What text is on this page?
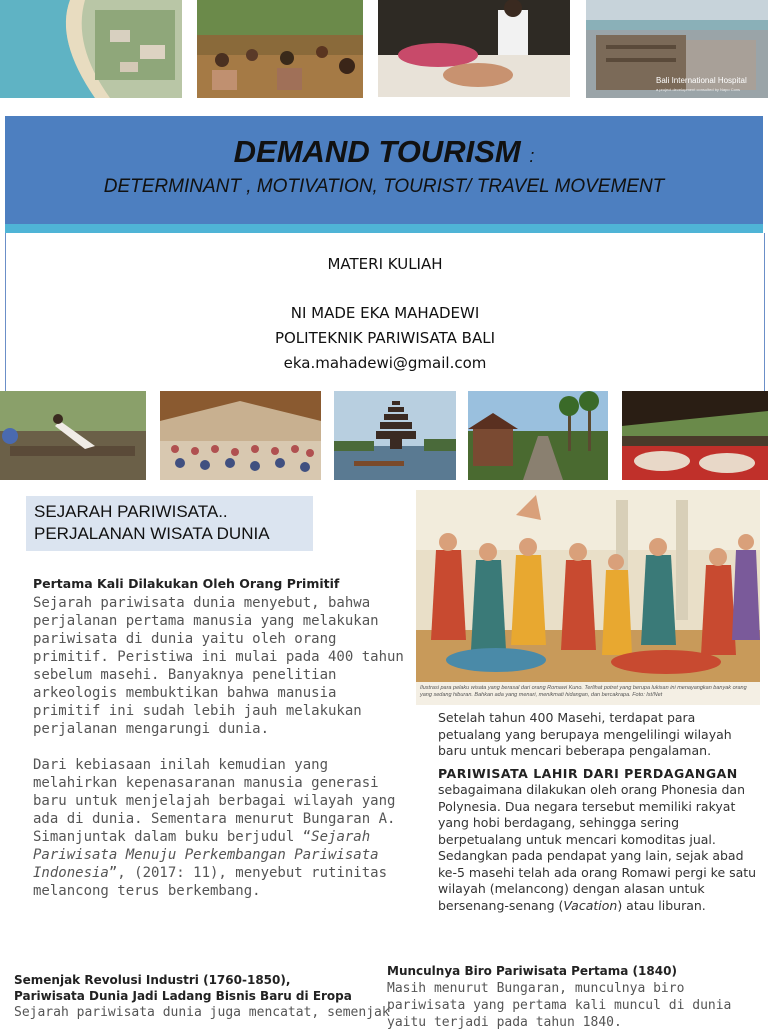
Bali International Hospital
a project development consulted by Napo Cons
DEMAND TOURISM :
DETERMINANT , MOTIVATION, TOURIST/ TRAVEL MOVEMENT
MATERI KULIAH
NI MADE EKA MAHADEWI
POLITEKNIK PARIWISATA BALI
eka.mahadewi@gmail.com
SEJARAH PARIWISATA..
PERJALANAN WISATA DUNIA
Pertama Kali Dilakukan Oleh Orang Primitif

Sejarah pariwisata dunia menyebut, bahwa perjalanan pertama manusia yang melakukan pariwisata di dunia yaitu oleh orang primitif. Peristiwa ini mulai pada 400 tahun sebelum masehi. Banyaknya penelitian arkeologis membuktikan bahwa manusia primitif ini sudah lebih jauh melakukan perjalanan mengarungi dunia.

Dari kebiasaan inilah kemudian yang melahirkan kepenasaranan manusia generasi baru untuk menjelajah berbagai wilayah yang ada di dunia. Sementara menurut Bungaran A. Simanjuntak dalam buku berjudul “Sejarah Pariwisata Menuju Perkembangan Pariwisata Indonesia”, (2017: 11), menyebut rutinitas melancong terus berkembang.

Ilustrasi para pelaku wisata yang berasal dari orang Romawi Kuno. Terlihat potret yang berupa lukisan ini menayangkan banyak orang yang sedang hiburan. Bahkan ada yang menari, menikmati hidangan, dan bercakrapa. Foto: Ist/Net

Setelah tahun 400 Masehi, terdapat para petualang yang berupaya mengelilingi wilayah baru untuk mencari beberapa pengalaman.

PARIWISATA LAHIR DARI PERDAGANGAN

sebagaimana dilakukan oleh orang Phonesia dan Polynesia. Dua negara tersebut memiliki rakyat yang hobi berdagang, sehingga sering berpetualang untuk mencari komoditas jual. Sedangkan pada pendapat yang lain, sejak abad ke-5 masehi telah ada orang Romawi pergi ke satu wilayah (melancong) dengan alasan untuk bersenang-senang (Vacation) atau liburan.

Semenjak Revolusi Industri (1760-1850), Pariwisata Dunia Jadi Ladang Bisnis Baru di Eropa
Sejarah pariwisata dunia juga mencatat, semenjak
Munculnya Biro Pariwisata Pertama (1840)
Masih menurut Bungaran, munculnya biro pariwisata yang pertama kali muncul di dunia yaitu terjadi pada tahun 1840.
